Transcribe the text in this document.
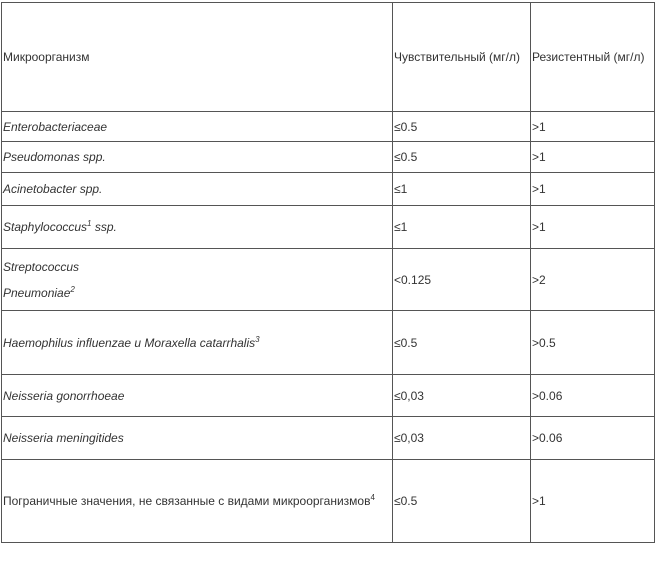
Микроорганизм	Чувствительный (мг/л)	Резистентный (мг/л)
Enterobacteriaceae	≤0.5	>1
Pseudomonas spp.	≤0.5	>1
Acinetobacter spp.	≤1	>1
Staphylococcus$^1$ ssp.	≤1	>1

Streptococcus
Pneumoniae$^2$	<0.125	>2
Haemophilus influenzae и Moraxella catarrhalis$^3$	≤0.5	>0.5
Neisseria gonorrhoeae	≤0,03	>0.06
Neisseria meningitides	≤0,03	>0.06
Пограничные значения, не связанные с видами микроорганизмов$^4$	≤0.5	>1
